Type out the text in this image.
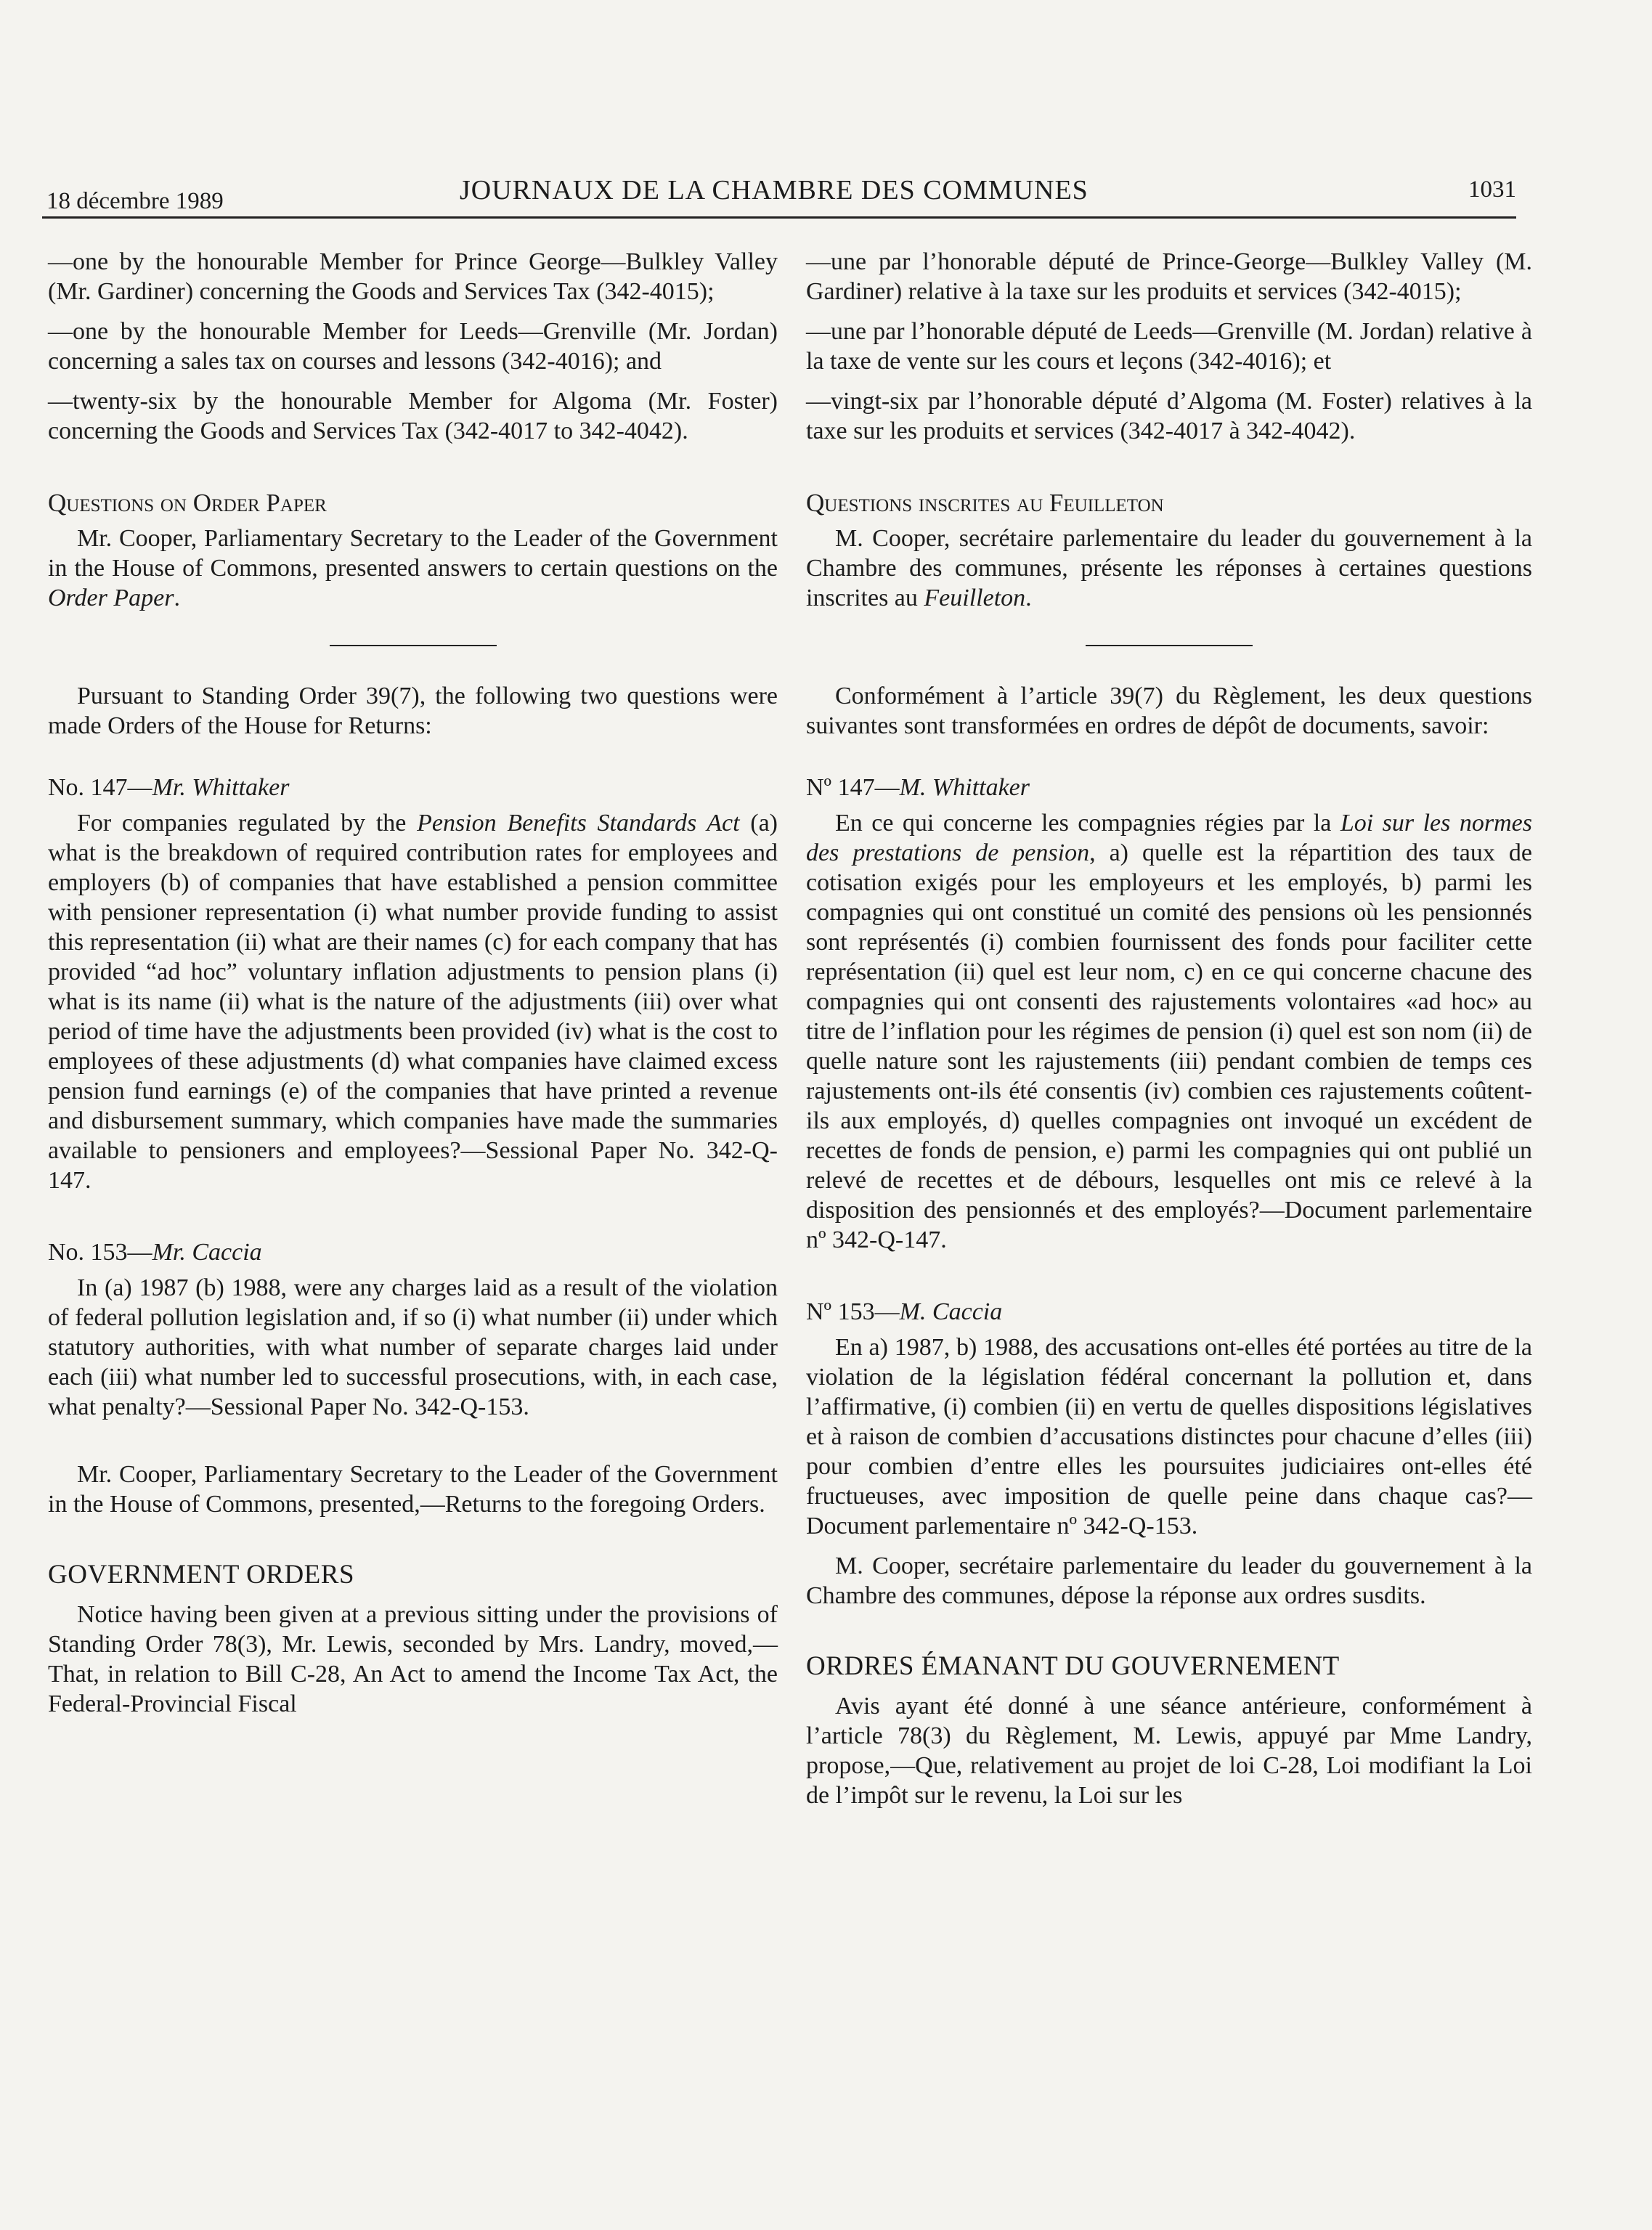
18 décembre 1989	JOURNAUX DE LA CHAMBRE DES COMMUNES	1031

—one by the honourable Member for Prince George—Bulkley Valley (Mr. Gardiner) concerning the Goods and Services Tax (342-4015);

—one by the honourable Member for Leeds—Grenville (Mr. Jordan) concerning a sales tax on courses and lessons (342-4016); and

—twenty-six by the honourable Member for Algoma (Mr. Foster) concerning the Goods and Services Tax (342-4017 to 342-4042).

Questions on Order Paper

Mr. Cooper, Parliamentary Secretary to the Leader of the Government in the House of Commons, presented answers to certain questions on the Order Paper.

Pursuant to Standing Order 39(7), the following two questions were made Orders of the House for Returns:

No. 147—Mr. Whittaker

For companies regulated by the Pension Benefits Standards Act (a) what is the breakdown of required contribution rates for employees and employers (b) of companies that have established a pension committee with pensioner representation (i) what number provide funding to assist this representation (ii) what are their names (c) for each company that has provided “ad hoc” voluntary inflation adjustments to pension plans (i) what is its name (ii) what is the nature of the adjustments (iii) over what period of time have the adjustments been provided (iv) what is the cost to employees of these adjustments (d) what companies have claimed excess pension fund earnings (e) of the companies that have printed a revenue and disbursement summary, which companies have made the summaries available to pensioners and employees?—Sessional Paper No. 342-Q-147.

No. 153—Mr. Caccia

In (a) 1987 (b) 1988, were any charges laid as a result of the violation of federal pollution legislation and, if so (i) what number (ii) under which statutory authorities, with what number of separate charges laid under each (iii) what number led to successful prosecutions, with, in each case, what penalty?—Sessional Paper No. 342-Q-153.

Mr. Cooper, Parliamentary Secretary to the Leader of the Government in the House of Commons, presented,—Returns to the foregoing Orders.

GOVERNMENT ORDERS

Notice having been given at a previous sitting under the provisions of Standing Order 78(3), Mr. Lewis, seconded by Mrs. Landry, moved,—That, in relation to Bill C-28, An Act to amend the Income Tax Act, the Federal-Provincial Fiscal

—une par l’honorable député de Prince-George—Bulkley Valley (M. Gardiner) relative à la taxe sur les produits et services (342-4015);

—une par l’honorable député de Leeds—Grenville (M. Jordan) relative à la taxe de vente sur les cours et leçons (342-4016); et

—vingt-six par l’honorable député d’Algoma (M. Foster) relatives à la taxe sur les produits et services (342-4017 à 342-4042).

Questions inscrites au Feuilleton

M. Cooper, secrétaire parlementaire du leader du gouvernement à la Chambre des communes, présente les réponses à certaines questions inscrites au Feuilleton.

Conformément à l’article 39(7) du Règlement, les deux questions suivantes sont transformées en ordres de dépôt de documents, savoir:

Nº 147—M. Whittaker

En ce qui concerne les compagnies régies par la Loi sur les normes des prestations de pension, a) quelle est la répartition des taux de cotisation exigés pour les employeurs et les employés, b) parmi les compagnies qui ont constitué un comité des pensions où les pensionnés sont représentés (i) combien fournissent des fonds pour faciliter cette représentation (ii) quel est leur nom, c) en ce qui concerne chacune des compagnies qui ont consenti des rajustements volontaires «ad hoc» au titre de l’inflation pour les régimes de pension (i) quel est son nom (ii) de quelle nature sont les rajustements (iii) pendant combien de temps ces rajustements ont-ils été consentis (iv) combien ces rajustements coûtent-ils aux employés, d) quelles compagnies ont invoqué un excédent de recettes de fonds de pension, e) parmi les compagnies qui ont publié un relevé de recettes et de débours, lesquelles ont mis ce relevé à la disposition des pensionnés et des employés?—Document parlementaire nº 342-Q-147.

Nº 153—M. Caccia

En a) 1987, b) 1988, des accusations ont-elles été portées au titre de la violation de la législation fédéral concernant la pollution et, dans l’affirmative, (i) combien (ii) en vertu de quelles dispositions législatives et à raison de combien d’accusations distinctes pour chacune d’elles (iii) pour combien d’entre elles les poursuites judiciaires ont-elles été fructueuses, avec imposition de quelle peine dans chaque cas?—Document parlementaire nº 342-Q-153.

M. Cooper, secrétaire parlementaire du leader du gouvernement à la Chambre des communes, dépose la réponse aux ordres susdits.

ORDRES ÉMANANT DU GOUVERNEMENT

Avis ayant été donné à une séance antérieure, conformément à l’article 78(3) du Règlement, M. Lewis, appuyé par Mme Landry, propose,—Que, relativement au projet de loi C-28, Loi modifiant la Loi de l’impôt sur le revenu, la Loi sur les
